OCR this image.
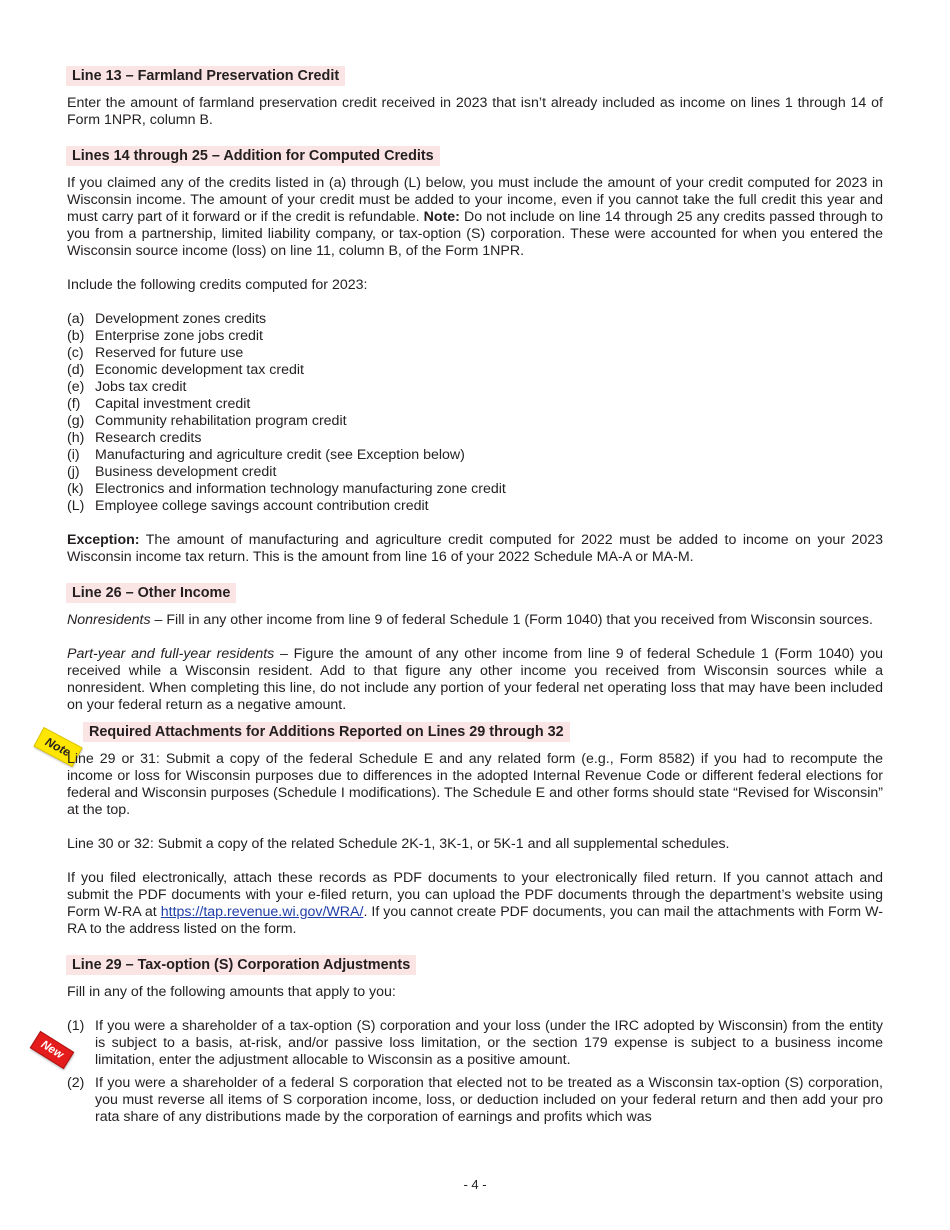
Note
New
Line 13 – Farmland Preservation Credit

Enter the amount of farmland preservation credit received in 2023 that isn’t already included as income on lines 1 through 14 of Form 1NPR, column B.

Lines 14 through 25 – Addition for Computed Credits

If you claimed any of the credits listed in (a) through (L) below, you must include the amount of your credit computed for 2023 in Wisconsin income. The amount of your credit must be added to your income, even if you cannot take the full credit this year and must carry part of it forward or if the credit is refundable. Note: Do not include on line 14 through 25 any credits passed through to you from a partnership, limited liability company, or tax-option (S) corporation. These were accounted for when you entered the Wisconsin source income (loss) on line 11, column B, of the Form 1NPR.

Include the following credits computed for 2023:

(a) Development zones credits
(b) Enterprise zone jobs credit
(c) Reserved for future use
(d) Economic development tax credit
(e) Jobs tax credit
(f)	Capital investment credit
(g) Community rehabilitation program credit
(h) Research credits
(i)	Manufacturing and agriculture credit (see Exception below)
(j)	Business development credit
(k) Electronics and information technology manufacturing zone credit
(L) Employee college savings account contribution credit

Exception: The amount of manufacturing and agriculture credit computed for 2022 must be added to income on your 2023 Wisconsin income tax return. This is the amount from line 16 of your 2022 Schedule MA-A or MA-M.

Line 26 – Other Income

Nonresidents – Fill in any other income from line 9 of federal Schedule 1 (Form 1040) that you received from Wisconsin sources.

Part-year and full-year residents – Figure the amount of any other income from line 9 of federal Schedule 1 (Form 1040) you received while a Wisconsin resident. Add to that figure any other income you received from Wisconsin sources while a nonresident. When completing this line, do not include any portion of your federal net operating loss that may have been included on your federal return as a negative amount.

Required Attachments for Additions Reported on Lines 29 through 32

Line 29 or 31: Submit a copy of the federal Schedule E and any related form (e.g., Form 8582) if you had to recompute the income or loss for Wisconsin purposes due to differences in the adopted Internal Revenue Code or different federal elections for federal and Wisconsin purposes (Schedule I modifications). The Schedule E and other forms should state “Revised for Wisconsin” at the top.

Line 30 or 32: Submit a copy of the related Schedule 2K-1, 3K-1, or 5K-1 and all supplemental schedules.

If you filed electronically, attach these records as PDF documents to your electronically filed return. If you cannot attach and submit the PDF documents with your e-filed return, you can upload the PDF documents through the department’s website using Form W-RA at https://tap.revenue.wi.gov/WRA/. If you cannot create PDF documents, you can mail the attachments with Form W-RA to the address listed on the form.

Line 29 – Tax-option (S) Corporation Adjustments

Fill in any of the following amounts that apply to you:

(1) If you were a shareholder of a tax-option (S) corporation and your loss (under the IRC adopted by Wisconsin) from the entity is subject to a basis, at-risk, and/or passive loss limitation, or the section 179 expense is subject to a business income limitation, enter the adjustment allocable to Wisconsin as a positive amount.
(2) If you were a shareholder of a federal S corporation that elected not to be treated as a Wisconsin tax-option (S) corporation, you must reverse all items of S corporation income, loss, or deduction included on your federal return and then add your pro rata share of any distributions made by the corporation of earnings and profits which was
- 4 -
